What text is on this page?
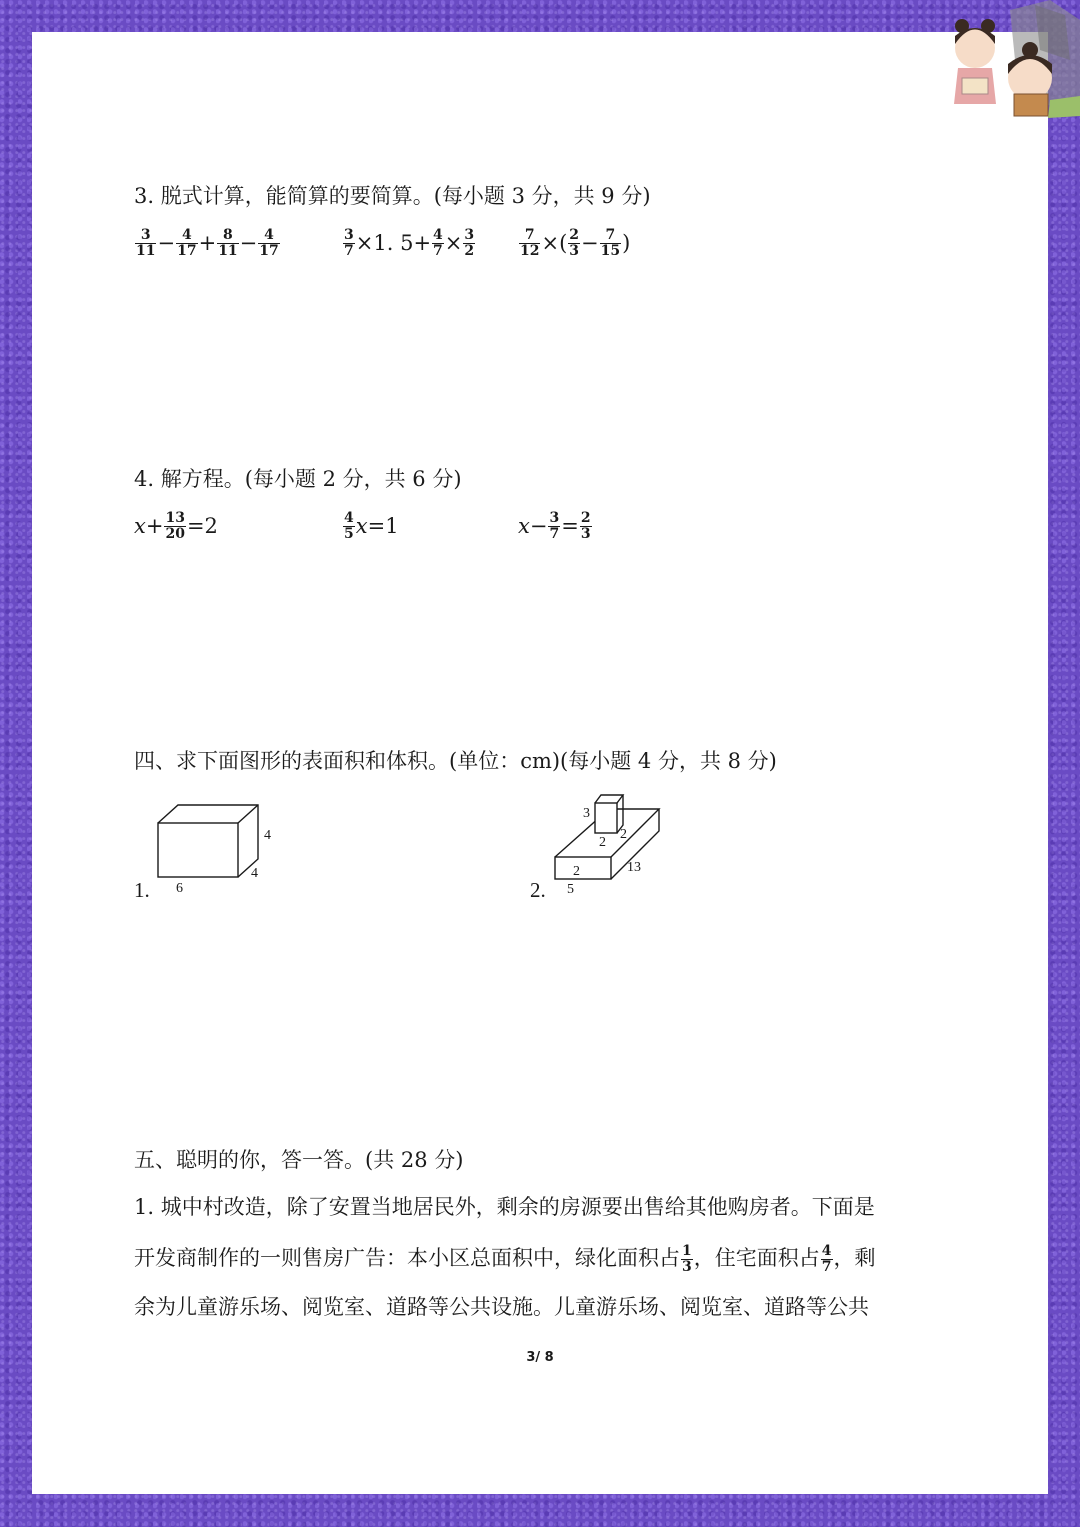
3. 脱式计算，能简算的要简算。(每小题 3 分，共 9 分)
$\frac{3}{11} - \frac{4}{17} + \frac{8}{11} - \frac{4}{17}$	$\frac{3}{7} \times 1$. $5+ \frac{4}{7} \times \frac{3}{2}$	$\frac{7}{12}$ ×( $\frac{2}{3} - \frac{7}{15}$ )
4. 解方程。(每小题 2 分，共 6 分)
$x+ \frac{13}{20} =2$	$\frac{4}{5} x=1$	$x- \frac{3}{7} = \frac{2}{3}$
四、求下面图形的表面积和体积。(单位：cm)(每小题 4 分，共 8 分)
1. 6
4
4
2.
3
2
2
2
5
13
五、聪明的你，答一答。(共 28 分)
1. 城中村改造，除了安置当地居民外，剩余的房源要出售给其他购房者。下面是
开发商制作的一则售房广告：本小区总面积中，绿化面积占 $\frac{1}{3}$ ，住宅面积占 $\frac{4}{7}$ ，剩
余为儿童游乐场、阅览室、道路等公共设施。儿童游乐场、阅览室、道路等公共
3/ 8
